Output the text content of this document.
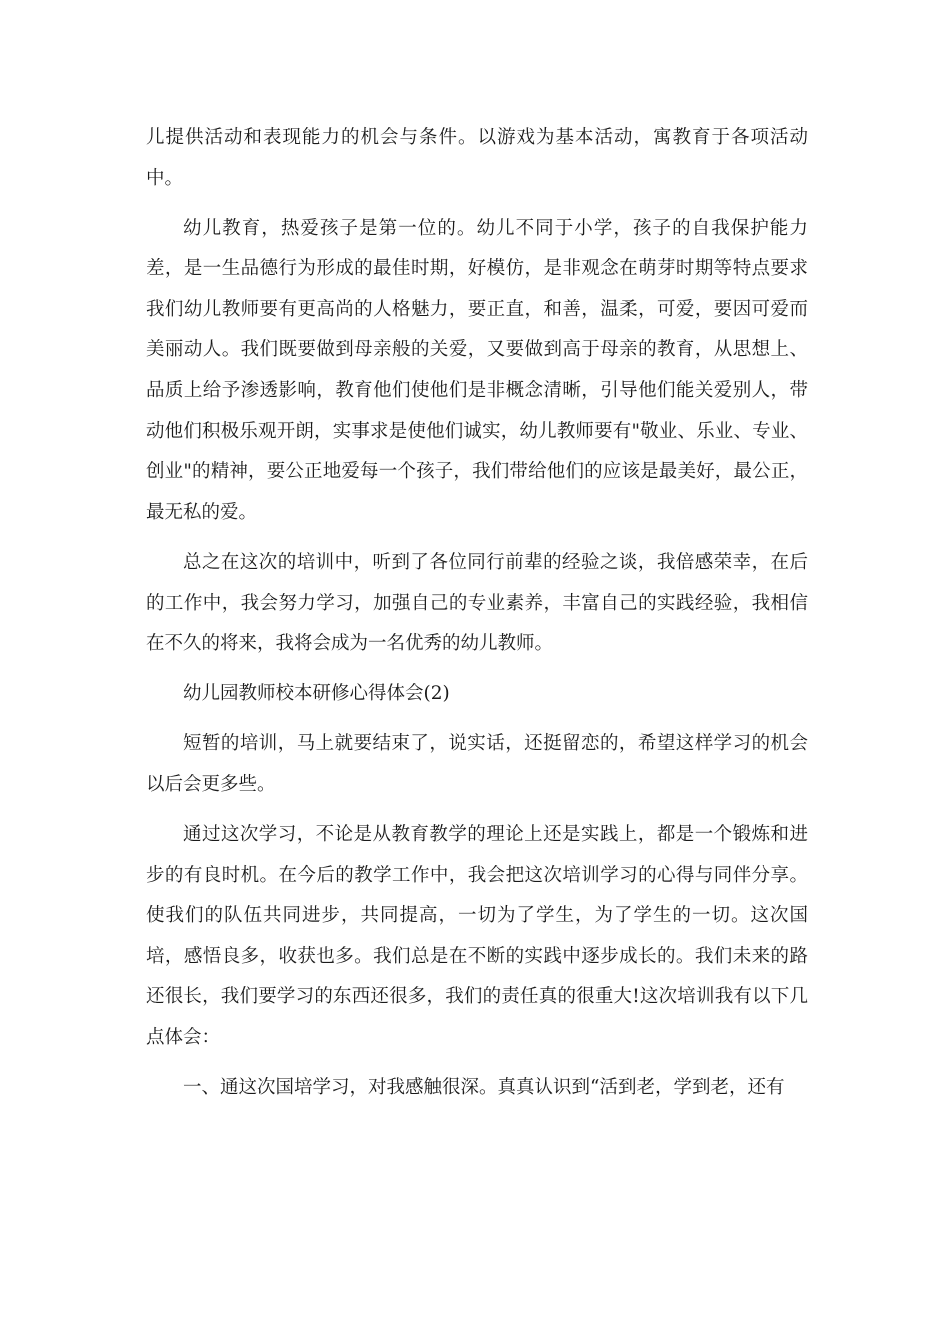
儿提供活动和表现能力的机会与条件。以游戏为基本活动，寓教育于各项活动中。

幼儿教育，热爱孩子是第一位的。幼儿不同于小学，孩子的自我保护能力差，是一生品德行为形成的最佳时期，好模仿，是非观念在萌芽时期等特点要求我们幼儿教师要有更高尚的人格魅力，要正直，和善，温柔，可爱，要因可爱而美丽动人。我们既要做到母亲般的关爱，又要做到高于母亲的教育，从思想上、品质上给予渗透影响，教育他们使他们是非概念清晰，引导他们能关爱别人，带动他们积极乐观开朗，实事求是使他们诚实，幼儿教师要有"敬业、乐业、专业、创业"的精神，要公正地爱每一个孩子，我们带给他们的应该是最美好，最公正，最无私的爱。

总之在这次的培训中，听到了各位同行前辈的经验之谈，我倍感荣幸，在后的工作中，我会努力学习，加强自己的专业素养，丰富自己的实践经验，我相信在不久的将来，我将会成为一名优秀的幼儿教师。

幼儿园教师校本研修心得体会(2)

短暂的培训，马上就要结束了，说实话，还挺留恋的，希望这样学习的机会以后会更多些。

通过这次学习，不论是从教育教学的理论上还是实践上，都是一个锻炼和进步的有良时机。在今后的教学工作中，我会把这次培训学习的心得与同伴分享。使我们的队伍共同进步，共同提高，一切为了学生，为了学生的一切。这次国培，感悟良多，收获也多。我们总是在不断的实践中逐步成长的。我们未来的路还很长，我们要学习的东西还很多，我们的责任真的很重大!这次培训我有以下几点体会：

一、通这次国培学习，对我感触很深。真真认识到“活到老，学到老，还有
